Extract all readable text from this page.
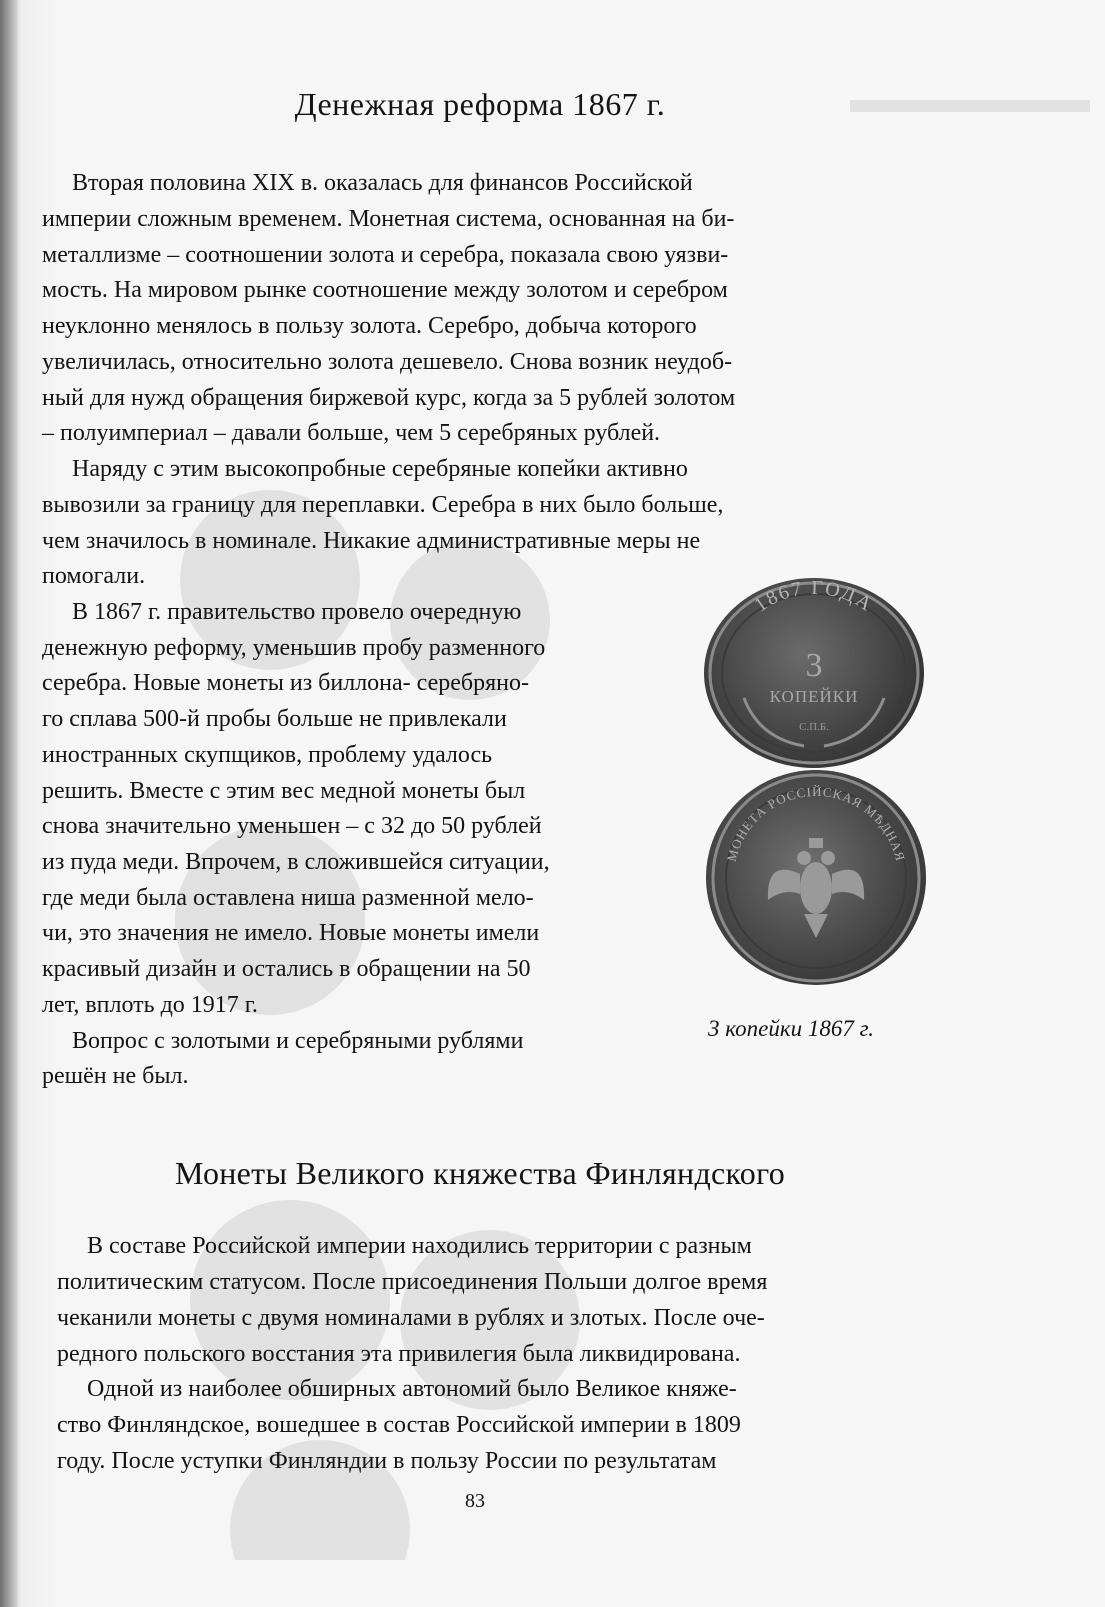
Денежная реформа 1867 г.
Вторая половина XIX в. оказалась для финансов Российской
империи сложным временем. Монетная система, основанная на би-
металлизме – соотношении золота и серебра, показала свою уязви-
мость. На мировом рынке соотношение между золотом и серебром
неуклонно менялось в пользу золота. Серебро, добыча которого
увеличилась, относительно золота дешевело. Снова возник неудоб-
ный для нужд обращения биржевой курс, когда за 5 рублей золотом
– полуимпериал – давали больше, чем 5 серебряных рублей.
Наряду с этим высокопробные серебряные копейки активно
вывозили за границу для переплавки. Серебра в них было больше,
чем значилось в номинале. Никакие административные меры не
помогали.
В 1867 г. правительство провело очередную
денежную реформу, уменьшив пробу разменного
серебра. Новые монеты из биллона- серебряно-
го сплава 500-й пробы больше не привлекали
иностранных скупщиков, проблему удалось
решить. Вместе с этим вес медной монеты был
снова значительно уменьшен – с 32 до 50 рублей
из пуда меди. Впрочем, в сложившейся ситуации,
где меди была оставлена ниша разменной мело-
чи, это значения не имело. Новые монеты имели
красивый дизайн и остались в обращении на 50
лет, вплоть до 1917 г.
Вопрос с золотыми и серебряными рублями
решён не был.
1867 ГОДА
3
КОПЕЙКИ
С.П.Б.
МОНЕТА РОССІЙСКАЯ МѢДНАЯ
3 копейки 1867 г.
Монеты Великого княжества Финляндского
В составе Российской империи находились территории с разным
политическим статусом. После присоединения Польши долгое время
чеканили монеты с двумя номиналами в рублях и злотых. После оче-
редного польского восстания эта привилегия была ликвидирована.
Одной из наиболее обширных автономий было Великое княже-
ство Финляндское, вошедшее в состав Российской империи в 1809
году. После уступки Финляндии в пользу России по результатам
83
